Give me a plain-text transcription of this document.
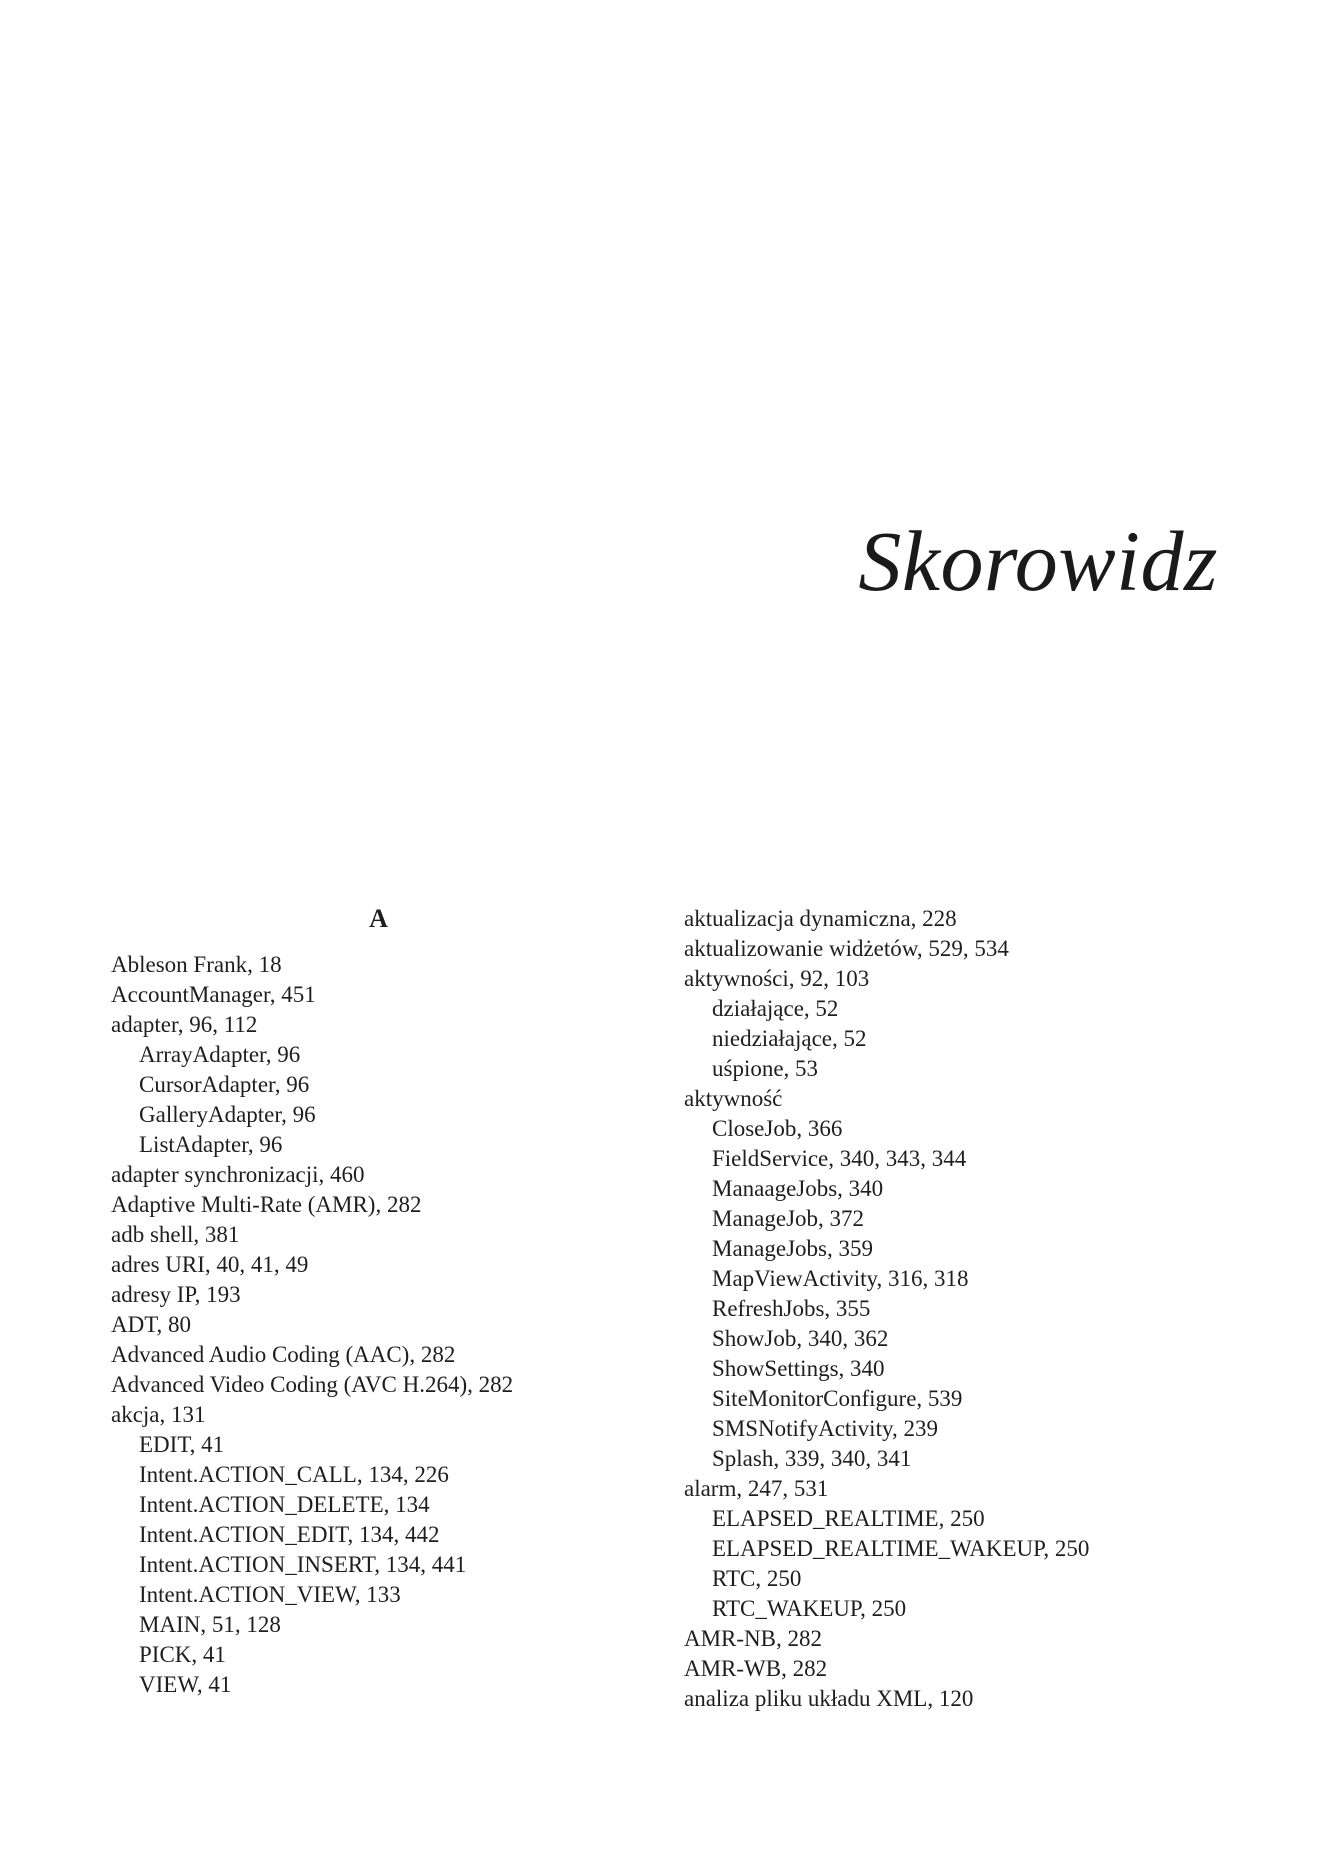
Skorowidz
A

Ableson Frank, 18

AccountManager, 451

adapter, 96, 112

ArrayAdapter, 96

CursorAdapter, 96

GalleryAdapter, 96

ListAdapter, 96

adapter synchronizacji, 460

Adaptive Multi-Rate (AMR), 282

adb shell, 381

adres URI, 40, 41, 49

adresy IP, 193

ADT, 80

Advanced Audio Coding (AAC), 282

Advanced Video Coding (AVC H.264), 282

akcja, 131

EDIT, 41

Intent.ACTION_CALL, 134, 226

Intent.ACTION_DELETE, 134

Intent.ACTION_EDIT, 134, 442

Intent.ACTION_INSERT, 134, 441

Intent.ACTION_VIEW, 133

MAIN, 51, 128

PICK, 41

VIEW, 41

aktualizacja dynamiczna, 228

aktualizowanie widżetów, 529, 534

aktywności, 92, 103

działające, 52

niedziałające, 52

uśpione, 53

aktywność

CloseJob, 366

FieldService, 340, 343, 344

ManaageJobs, 340

ManageJob, 372

ManageJobs, 359

MapViewActivity, 316, 318

RefreshJobs, 355

ShowJob, 340, 362

ShowSettings, 340

SiteMonitorConfigure, 539

SMSNotifyActivity, 239

Splash, 339, 340, 341

alarm, 247, 531

ELAPSED_REALTIME, 250

ELAPSED_REALTIME_WAKEUP, 250

RTC, 250

RTC_WAKEUP, 250

AMR-NB, 282

AMR-WB, 282

analiza pliku układu XML, 120
